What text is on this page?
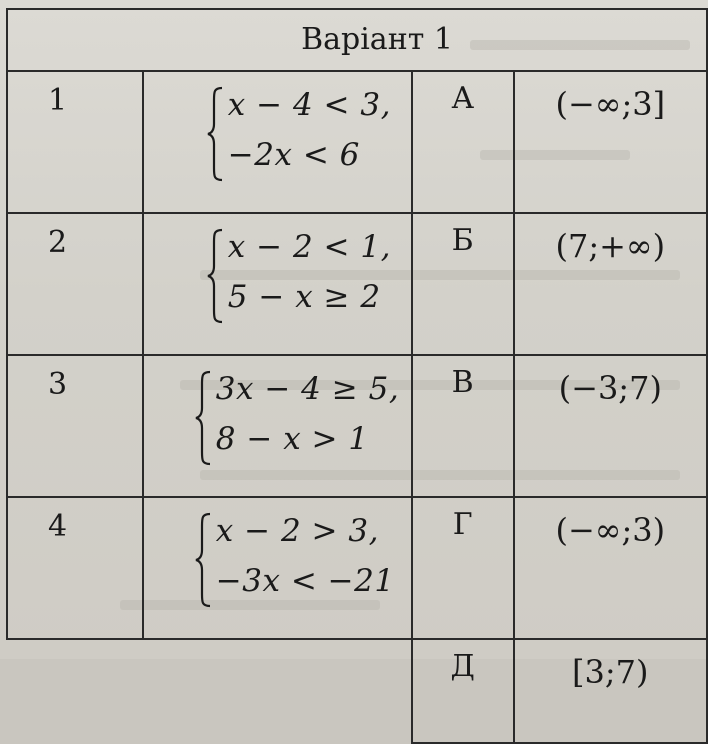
Варіант 1			
1	x − 4 < 3,
−2x < 6	А	(−∞;3]
2	x − 2 < 1,
5 − x ≥ 2	Б	(7;+∞)
3	3x − 4 ≥ 5,
8 − x > 1	В	(−3;7)
4	x − 2 > 3,
−3x < −21	Г	(−∞;3)
		Д	[3;7)
